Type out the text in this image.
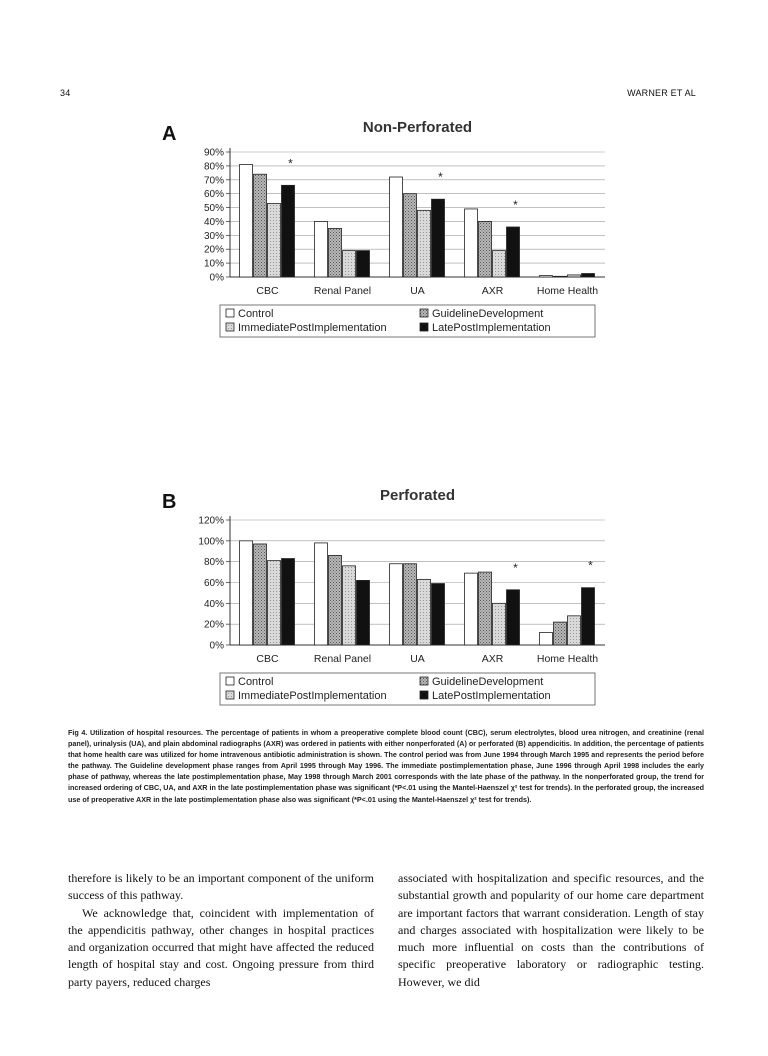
34	WARNER ET AL
A	Non-Perforated
0%
10%
20%
30%
40%
50%
60%
70%
80%
90%
CBC
*
Renal Panel	UA
*
AXR
*
Home Health
Control	GuidelineDevelopment
ImmediatePostImplementation	LatePostImplementation
B	Perforated
0%
20%
40%
60%
80%
100%
120%
CBC	Renal Panel	UA	AXR
*
Home Health
*
Control	GuidelineDevelopment
ImmediatePostImplementation	LatePostImplementation
Fig 4. Utilization of hospital resources. The percentage of patients in whom a preoperative complete blood count (CBC), serum electrolytes, blood urea nitrogen, and creatinine (renal panel), urinalysis (UA), and plain abdominal radiographs (AXR) was ordered in patients with either nonperforated (A) or perforated (B) appendicitis. In addition, the percentage of patients that home health care was utilized for home intravenous antibiotic administration is shown. The control period was from June 1994 through March 1995 and represents the period before the pathway. The Guideline development phase ranges from April 1995 through May 1996. The immediate postimplementation phase, June 1996 through April 1998 includes the early phase of pathway, whereas the late postimplementation phase, May 1998 through March 2001 corresponds with the late phase of the pathway. In the nonperforated group, the trend for increased ordering of CBC, UA, and AXR in the late postimplementation phase was significant (*P<.01 using the Mantel-Haenszel χ² test for trends). In the perforated group, the increased use of preoperative AXR in the late postimplementation phase also was significant (*P<.01 using the Mantel-Haenszel χ² test for trends).

therefore is likely to be an important component of the uniform success of this pathway.

We acknowledge that, coincident with implementation of the appendicitis pathway, other changes in hospital practices and organization occurred that might have affected the reduced length of hospital stay and cost. Ongoing pressure from third party payers, reduced charges

associated with hospitalization and specific resources, and the substantial growth and popularity of our home care department are important factors that warrant consideration. Length of stay and charges associated with hospitalization were likely to be much more influential on costs than the contributions of specific preoperative laboratory or radiographic testing. However, we did
